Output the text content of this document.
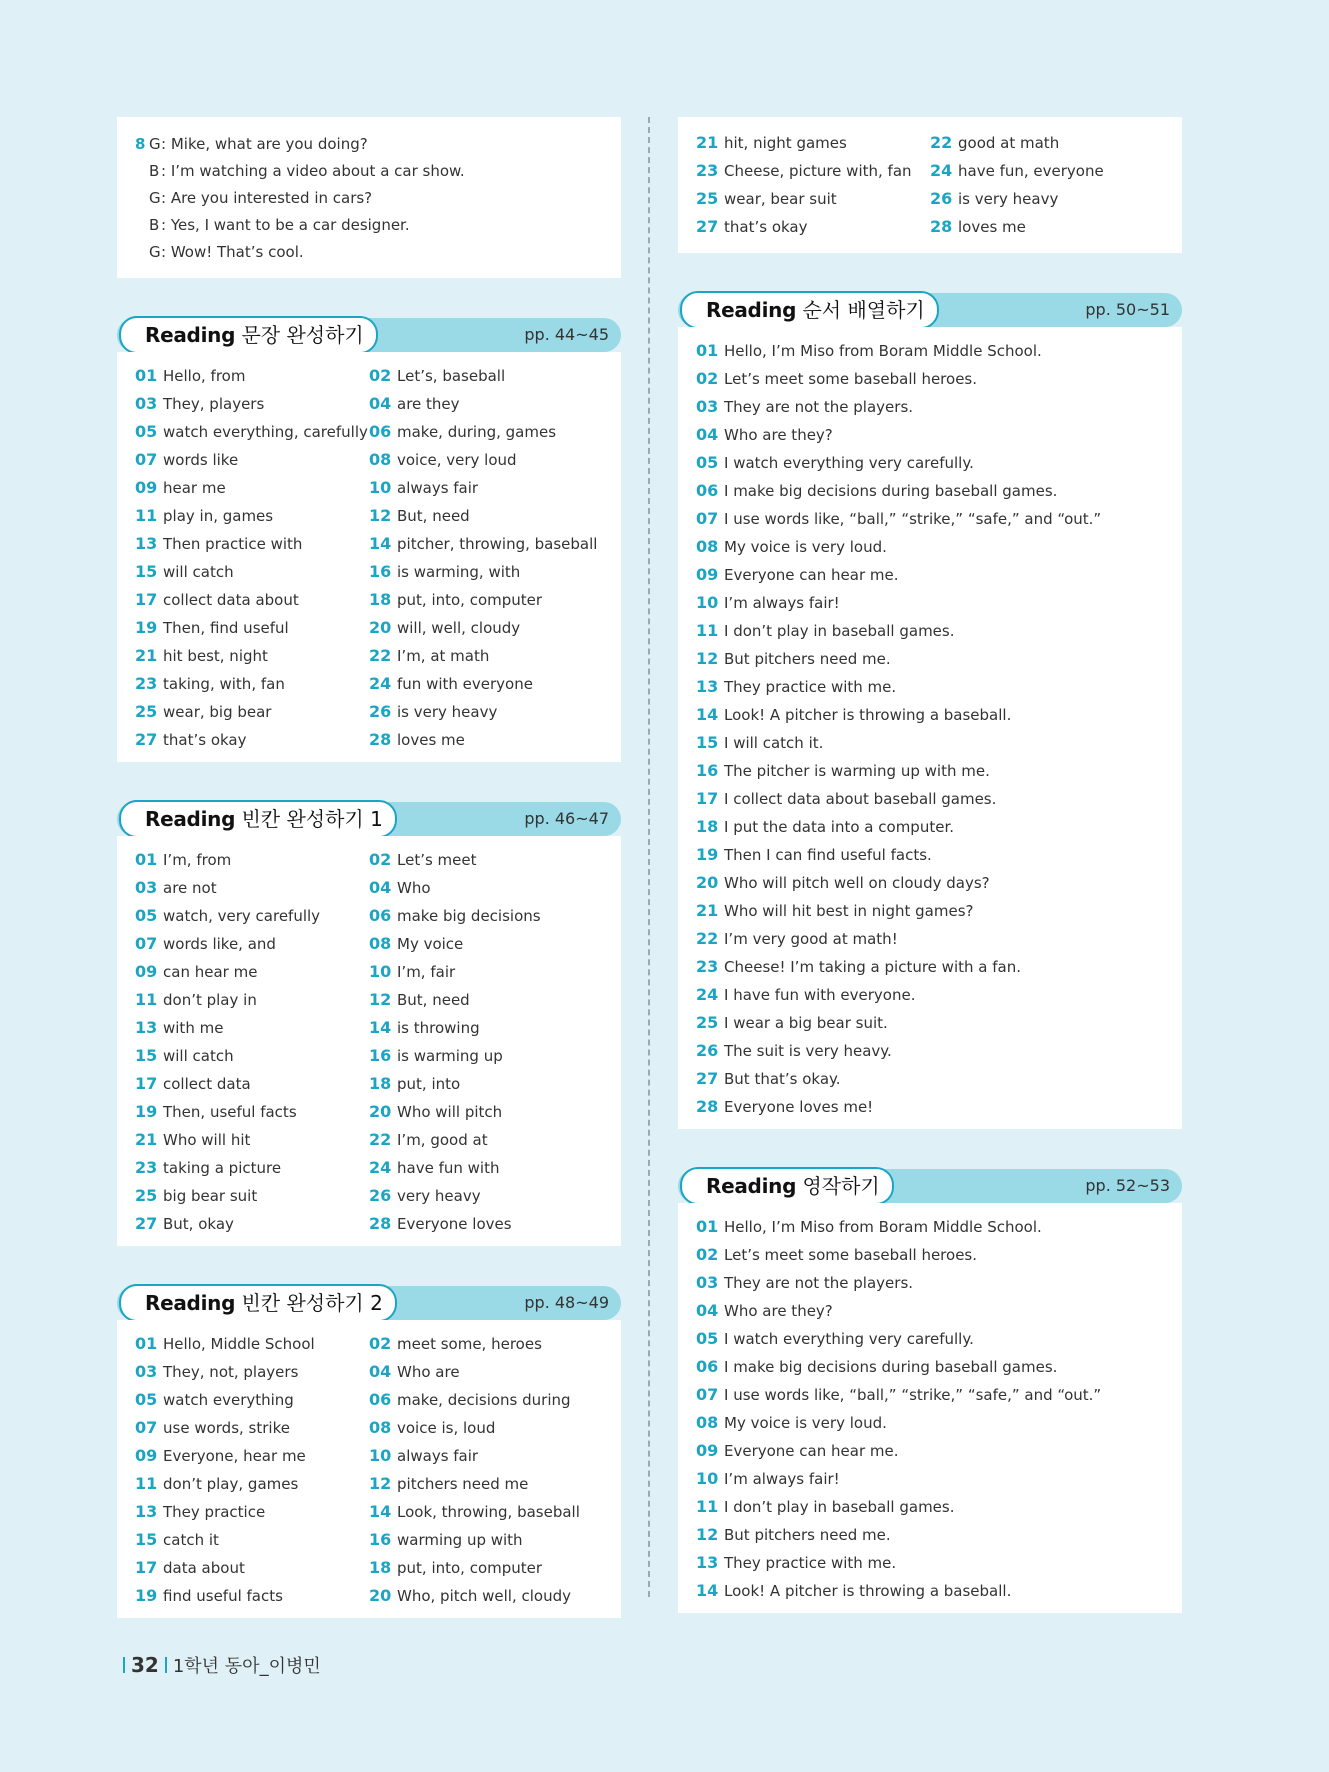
8 G: Mike, what are you doing?
B : I’m watching a video about a car show.
G: Are you interested in cars?
B : Yes, I want to be a car designer.
G: Wow! That’s cool.
Reading 문장 완성하기	pp. 44~45
01 Hello, from	02 Let’s, baseball
03 They, players	04 are they
05 watch everything, carefully 06 make, during, games
07 words like	08 voice, very loud
09 hear me	10 always fair
11 play in, games	12 But, need
13 Then practice with	14 pitcher, throwing, baseball
15 will catch	16 is warming, with
17 collect data about	18 put, into, computer
19 Then, find useful	20 will, well, cloudy
21 hit best, night	22 I’m, at math
23 taking, with, fan	24 fun with everyone
25 wear, big bear	26 is very heavy
27 that’s okay	28 loves me
Reading 빈칸 완성하기 1	pp. 46~47
01 I’m, from	02 Let’s meet
03 are not	04 Who
05 watch, very carefully	06 make big decisions
07 words like, and	08 My voice
09 can hear me	10 I’m, fair
11 don’t play in	12 But, need
13 with me	14 is throwing
15 will catch	16 is warming up
17 collect data	18 put, into
19 Then, useful facts	20 Who will pitch
21 Who will hit	22 I’m, good at
23 taking a picture	24 have fun with
25 big bear suit	26 very heavy
27 But, okay	28 Everyone loves
Reading 빈칸 완성하기 2	pp. 48~49
01 Hello, Middle School	02 meet some, heroes
03 They, not, players	04 Who are
05 watch everything	06 make, decisions during
07 use words, strike	08 voice is, loud
09 Everyone, hear me	10 always fair
11 don’t play, games	12 pitchers need me
13 They practice	14 Look, throwing, baseball
15 catch it	16 warming up with
17 data about	18 put, into, computer
19 find useful facts	20 Who, pitch well, cloudy
21 hit, night games	22 good at math
23 Cheese, picture with, fan	24 have fun, everyone
25 wear, bear suit	26 is very heavy
27 that’s okay	28 loves me
Reading 순서 배열하기	pp. 50~51
01 Hello, I’m Miso from Boram Middle School.
02 Let’s meet some baseball heroes.
03 They are not the players.
04 Who are they?
05 I watch everything very carefully.
06 I make big decisions during baseball games.
07 I use words like, “ball,” “strike,” “safe,” and “out.”
08 My voice is very loud.
09 Everyone can hear me.
10 I’m always fair!
11 I don’t play in baseball games.
12 But pitchers need me.
13 They practice with me.
14 Look! A pitcher is throwing a baseball.
15 I will catch it.
16 The pitcher is warming up with me.
17 I collect data about baseball games.
18 I put the data into a computer.
19 Then I can find useful facts.
20 Who will pitch well on cloudy days?
21 Who will hit best in night games?
22 I’m very good at math!
23 Cheese! I’m taking a picture with a fan.
24 I have fun with everyone.
25 I wear a big bear suit.
26 The suit is very heavy.
27 But that’s okay.
28 Everyone loves me!
Reading 영작하기	pp. 52~53
01 Hello, I’m Miso from Boram Middle School.
02 Let’s meet some baseball heroes.
03 They are not the players.
04 Who are they?
05 I watch everything very carefully.
06 I make big decisions during baseball games.
07 I use words like, “ball,” “strike,” “safe,” and “out.”
08 My voice is very loud.
09 Everyone can hear me.
10 I’m always fair!
11 I don’t play in baseball games.
12 But pitchers need me.
13 They practice with me.
14 Look! A pitcher is throwing a baseball.
32 1학년 동아_이병민
